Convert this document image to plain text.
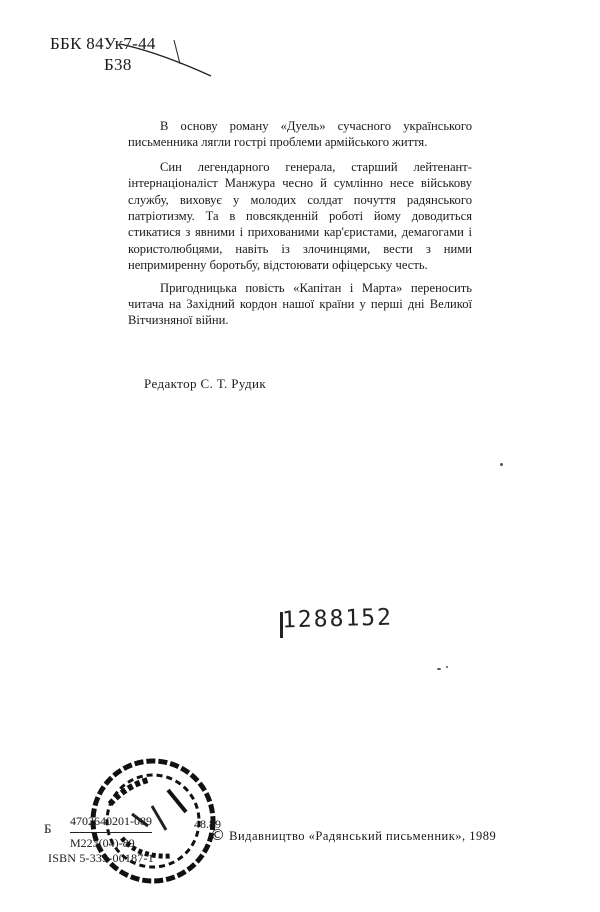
ББК 84Ук7-44
Б38

В основу роману «Дуель» сучасного українського письменника лягли гострі проблеми армійського життя.

Син легендарного генерала, старший лейтенант-інтернаціоналіст Манжура чесно й сумлінно несе військову службу, виховує у молодих солдат почуття радянського патріотизму. Та в повсякденній роботі йому доводиться стикатися з явними і прихованими кар'єристами, демагогами і користолюбцями, навіть із злочинцями, вести з ними непримиренну боротьбу, відстоювати офіцерську честь.

Пригодницька повість «Капітан і Марта» переносить читача на Західний кордон нашої країни у перші дні Великої Вітчизняної війни.

Редактор С. Т. Рудик
1288152
Б 4702640201-089
М223(04)-89
48.89
ISBN 5-333-00187-1
© Видавництво «Радянський письменник», 1989
